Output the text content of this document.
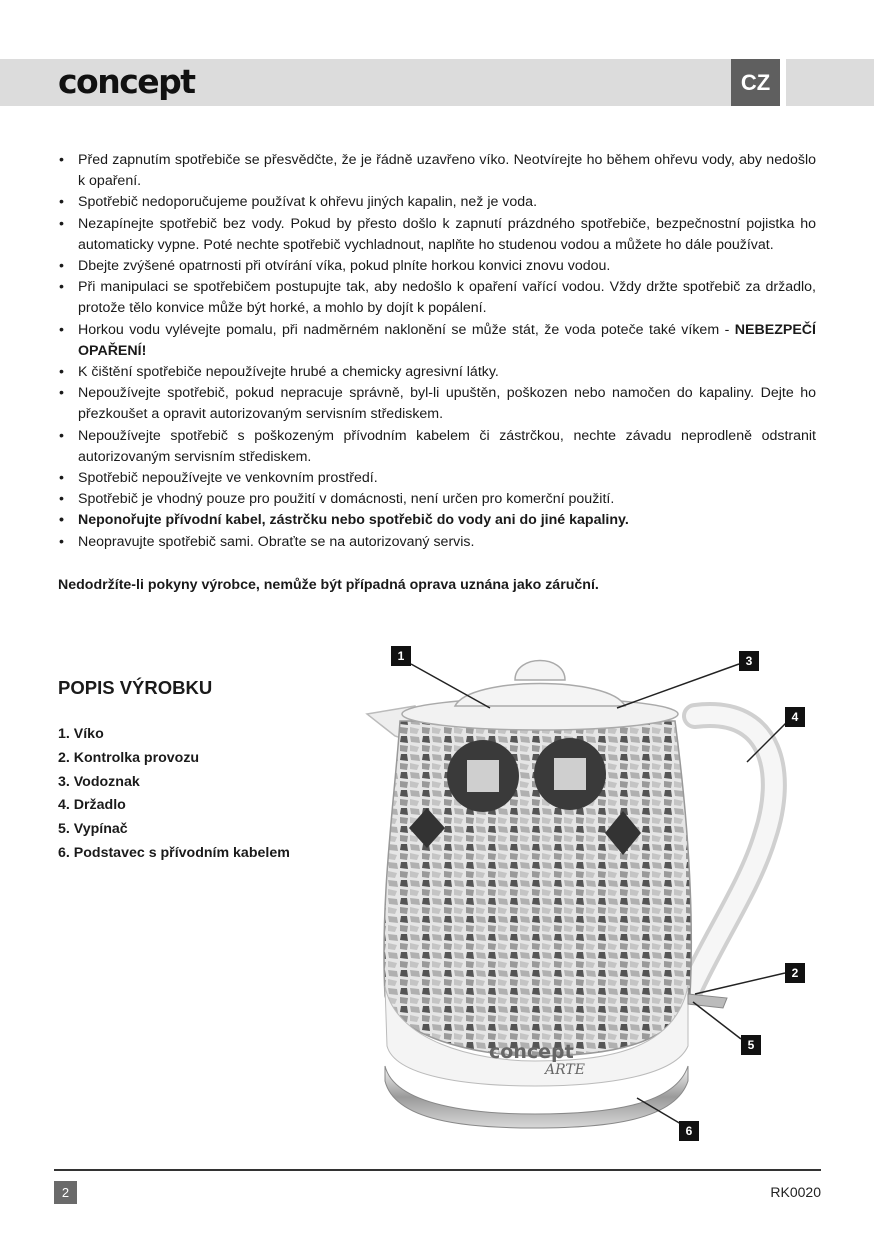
concept	CZ
• Před zapnutím spotřebiče se přesvědčte, že je řádně uzavřeno víko. Neotvírejte ho během ohřevu vody, aby nedošlo k opaření.
• Spotřebič nedoporučujeme používat k ohřevu jiných kapalin, než je voda.
• Nezapínejte spotřebič bez vody. Pokud by přesto došlo k zapnutí prázdného spotřebiče, bezpečnostní pojistka ho automaticky vypne. Poté nechte spotřebič vychladnout, naplňte ho studenou vodou a můžete ho dále používat.
• Dbejte zvýšené opatrnosti při otvírání víka, pokud plníte horkou konvici znovu vodou.
• Při manipulaci se spotřebičem postupujte tak, aby nedošlo k opaření vařící vodou. Vždy držte spotřebič za držadlo, protože tělo konvice může být horké, a mohlo by dojít k popálení.
• Horkou vodu vylévejte pomalu, při nadměrném naklonění se může stát, že voda poteče také víkem - NEBEZPEČÍ OPAŘENÍ!
• K čištění spotřebiče nepoužívejte hrubé a chemicky agresivní látky.
• Nepoužívejte spotřebič, pokud nepracuje správně, byl-li upuštěn, poškozen nebo namočen do kapaliny. Dejte ho přezkoušet a opravit autorizovaným servisním střediskem.
• Nepoužívejte spotřebič s poškozeným přívodním kabelem či zástrčkou, nechte závadu neprodleně odstranit autorizovaným servisním střediskem.
• Spotřebič nepoužívejte ve venkovním prostředí.
• Spotřebič je vhodný pouze pro použití v domácnosti, není určen pro komerční použití.
• Neponořujte přívodní kabel, zástrčku nebo spotřebič do vody ani do jiné kapaliny.
• Neopravujte spotřebič sami. Obraťte se na autorizovaný servis.
Nedodržíte-li pokyny výrobce, nemůže být případná oprava uznána jako záruční.
POPIS VÝROBKU
1. Víko
2. Kontrolka provozu
3. Vodoznak
4. Držadlo
5. Vypínač
6. Podstavec s přívodním kabelem
concept
ARTE
1	3
4
2
5
6
2	RK0020
